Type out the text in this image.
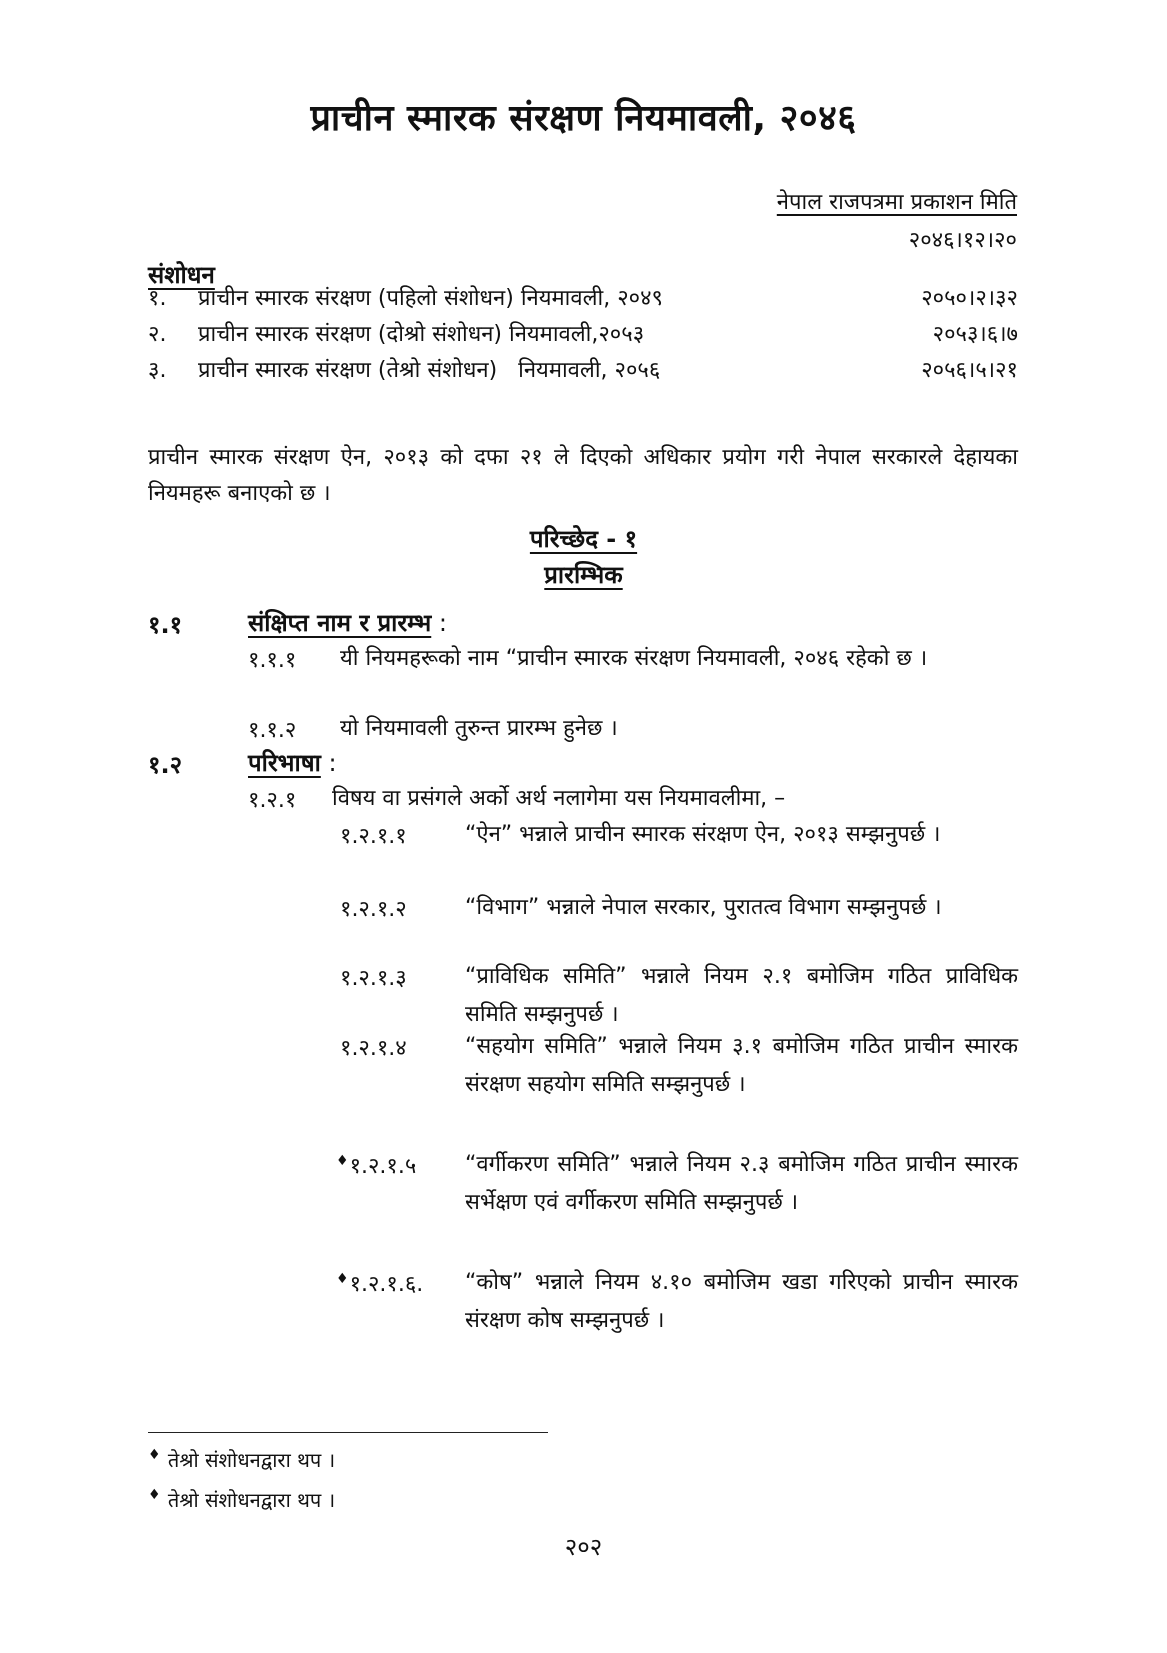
प्राचीन स्मारक संरक्षण नियमावली, २०४६
नेपाल राजपत्रमा प्रकाशन मिति
२०४६।१२।२०
संशोधन
१. प्राचीन स्मारक संरक्षण (पहिलो संशोधन) नियमावली, २०४९	२०५०।२।३२
२. प्राचीन स्मारक संरक्षण (दोश्रो संशोधन) नियमावली,२०५३	२०५३।६।७
३. प्राचीन स्मारक संरक्षण (तेश्रो संशोधन)   नियमावली, २०५६	२०५६।५।२१
प्राचीन स्मारक संरक्षण ऐन, २०१३ को दफा २१ ले दिएको अधिकार प्रयोग गरी नेपाल सरकारले देहायका नियमहरू बनाएको छ ।
परिच्छेद - १
प्रारम्भिक
१.१	संक्षिप्त नाम र प्रारम्भ :
१.१.१ यी नियमहरूको नाम “प्राचीन स्मारक संरक्षण नियमावली, २०४६ रहेको छ ।
१.१.२ यो नियमावली तुरुन्त प्रारम्भ हुनेछ ।
१.२	परिभाषा :
१.२.१ विषय वा प्रसंगले अर्को अर्थ नलागेमा यस नियमावलीमा, –
१.२.१.१	“ऐन” भन्नाले प्राचीन स्मारक संरक्षण ऐन, २०१३ सम्झनुपर्छ ।
१.२.१.२	“विभाग” भन्नाले नेपाल सरकार, पुरातत्व विभाग सम्झनुपर्छ ।
१.२.१.३	“प्राविधिक समिति” भन्नाले नियम २.१ बमोजिम गठित प्राविधिक समिति सम्झनुपर्छ ।
१.२.१.४	“सहयोग समिति” भन्नाले नियम ३.१ बमोजिम गठित प्राचीन स्मारक संरक्षण सहयोग समिति सम्झनुपर्छ ।
♦१.२.१.५ “वर्गीकरण समिति” भन्नाले नियम २.३ बमोजिम गठित प्राचीन स्मारक सर्भेक्षण एवं वर्गीकरण समिति सम्झनुपर्छ ।
♦१.२.१.६. “कोष” भन्नाले नियम ४.१० बमोजिम खडा गरिएको प्राचीन स्मारक संरक्षण कोष सम्झनुपर्छ ।
♦ तेश्रो संशोधनद्वारा थप ।
♦ तेश्रो संशोधनद्वारा थप ।
२०२
